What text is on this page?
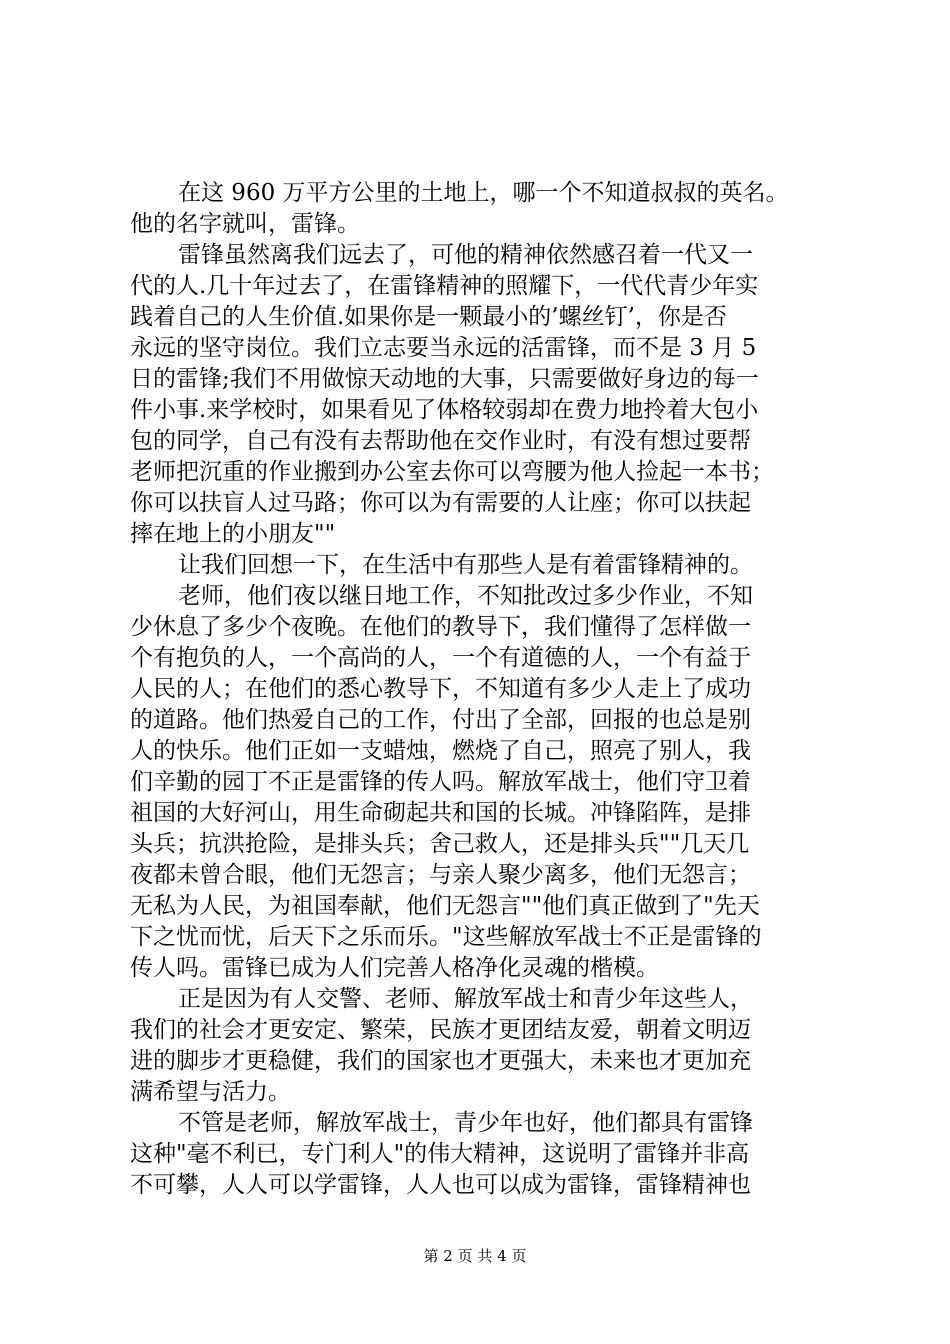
在这 960 万平方公里的土地上，哪一个不知道叔叔的英名。
他的名字就叫，雷锋。
雷锋虽然离我们远去了，可他的精神依然感召着一代又一
代的人.几十年过去了，在雷锋精神的照耀下，一代代青少年实
践着自己的人生价值.如果你是一颗最小的’螺丝钉’，你是否
永远的坚守岗位。我们立志要当永远的活雷锋，而不是 3 月 5
日的雷锋;我们不用做惊天动地的大事，只需要做好身边的每一
件小事.来学校时，如果看见了体格较弱却在费力地拎着大包小
包的同学，自己有没有去帮助他在交作业时，有没有想过要帮
老师把沉重的作业搬到办公室去你可以弯腰为他人捡起一本书；
你可以扶盲人过马路；你可以为有需要的人让座；你可以扶起
摔在地上的小朋友""
让我们回想一下，在生活中有那些人是有着雷锋精神的。
老师，他们夜以继日地工作，不知批改过多少作业，不知
少休息了多少个夜晚。在他们的教导下，我们懂得了怎样做一
个有抱负的人，一个高尚的人，一个有道德的人，一个有益于
人民的人；在他们的悉心教导下，不知道有多少人走上了成功
的道路。他们热爱自己的工作，付出了全部，回报的也总是别
人的快乐。他们正如一支蜡烛，燃烧了自己，照亮了别人，我
们辛勤的园丁不正是雷锋的传人吗。解放军战士，他们守卫着
祖国的大好河山，用生命砌起共和国的长城。冲锋陷阵，是排
头兵；抗洪抢险，是排头兵；舍己救人，还是排头兵""几天几
夜都未曾合眼，他们无怨言；与亲人聚少离多，他们无怨言；
无私为人民，为祖国奉献，他们无怨言""他们真正做到了"先天
下之忧而忧，后天下之乐而乐。"这些解放军战士不正是雷锋的
传人吗。雷锋已成为人们完善人格净化灵魂的楷模。
正是因为有人交警、老师、解放军战士和青少年这些人，
我们的社会才更安定、繁荣，民族才更团结友爱，朝着文明迈
进的脚步才更稳健，我们的国家也才更强大，未来也才更加充
满希望与活力。
不管是老师，解放军战士，青少年也好，他们都具有雷锋
这种"毫不利已，专门利人"的伟大精神，这说明了雷锋并非高
不可攀，人人可以学雷锋，人人也可以成为雷锋，雷锋精神也
第 2 页 共 4 页
